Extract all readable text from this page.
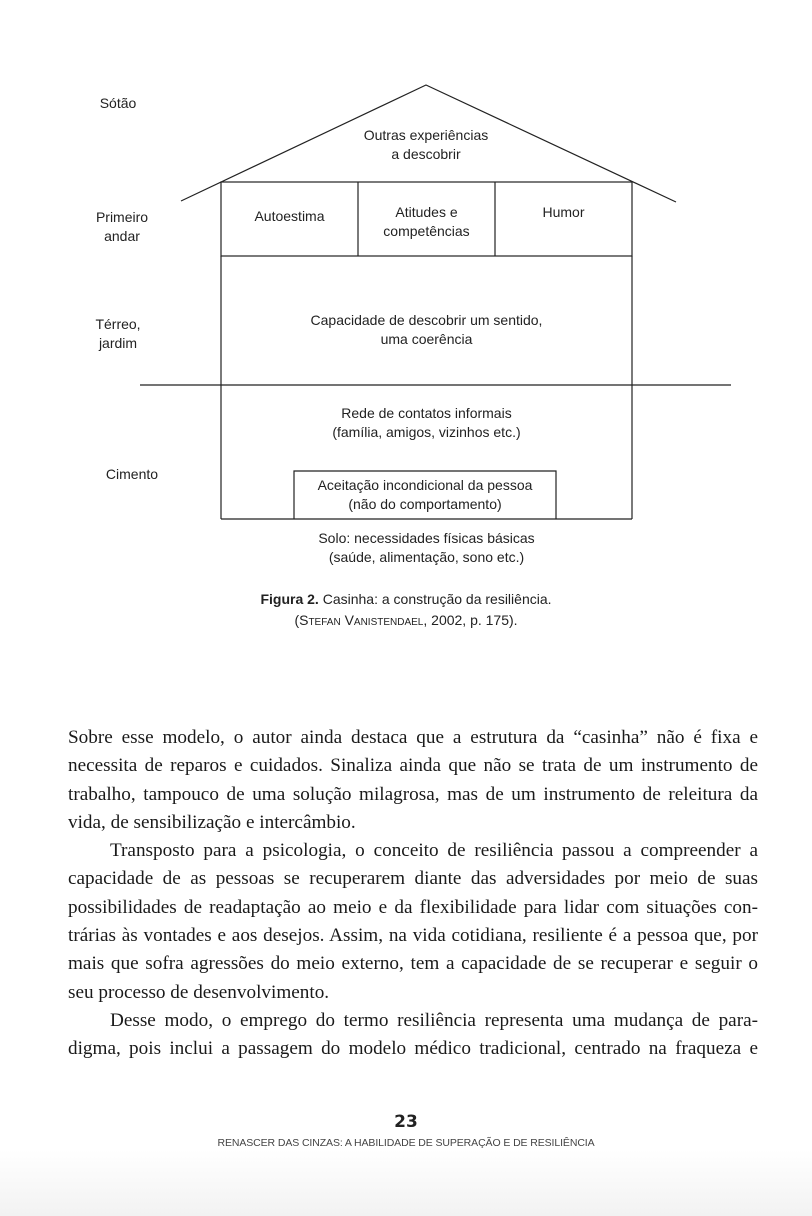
Sótão
Primeiro
andar
Térreo,
jardim
Cimento
Outras experiências
a descobrir
Autoestima	Atitudes e
competências
Humor
Capacidade de descobrir um sentido,
uma coerência
Rede de contatos informais
(família, amigos, vizinhos etc.)
Aceitação incondicional da pessoa
(não do comportamento)
Solo: necessidades físicas básicas
(saúde, alimentação, sono etc.)
Figura 2. Casinha: a construção da resiliência.
(Stefan Vanistendael, 2002, p. 175).

Sobre esse modelo, o autor ainda destaca que a estrutura da “casinha” não é fixa e necessita de reparos e cuidados. Sinaliza ainda que não se trata de um instrumento de trabalho, tampouco de uma solução milagrosa, mas de um instrumento de releitura da vida, de sensibilização e intercâmbio.

Transposto para a psicologia, o conceito de resiliência passou a compreender a capacidade de as pessoas se recuperarem diante das adversidades por meio de suas possibilidades de readaptação ao meio e da flexibilidade para lidar com situações contrárias às vontades e aos desejos. Assim, na vida cotidiana, resiliente é a pessoa que, por mais que sofra agressões do meio externo, tem a capacidade de se recuperar e seguir o seu processo de desenvolvimento.

Desse modo, o emprego do termo resiliência representa uma mudança de paradigma, pois inclui a passagem do modelo médico tradicional, centrado na fraqueza e

23
RENASCER DAS CINZAS: A HABILIDADE DE SUPERAÇÃO E DE RESILIÊNCIA
